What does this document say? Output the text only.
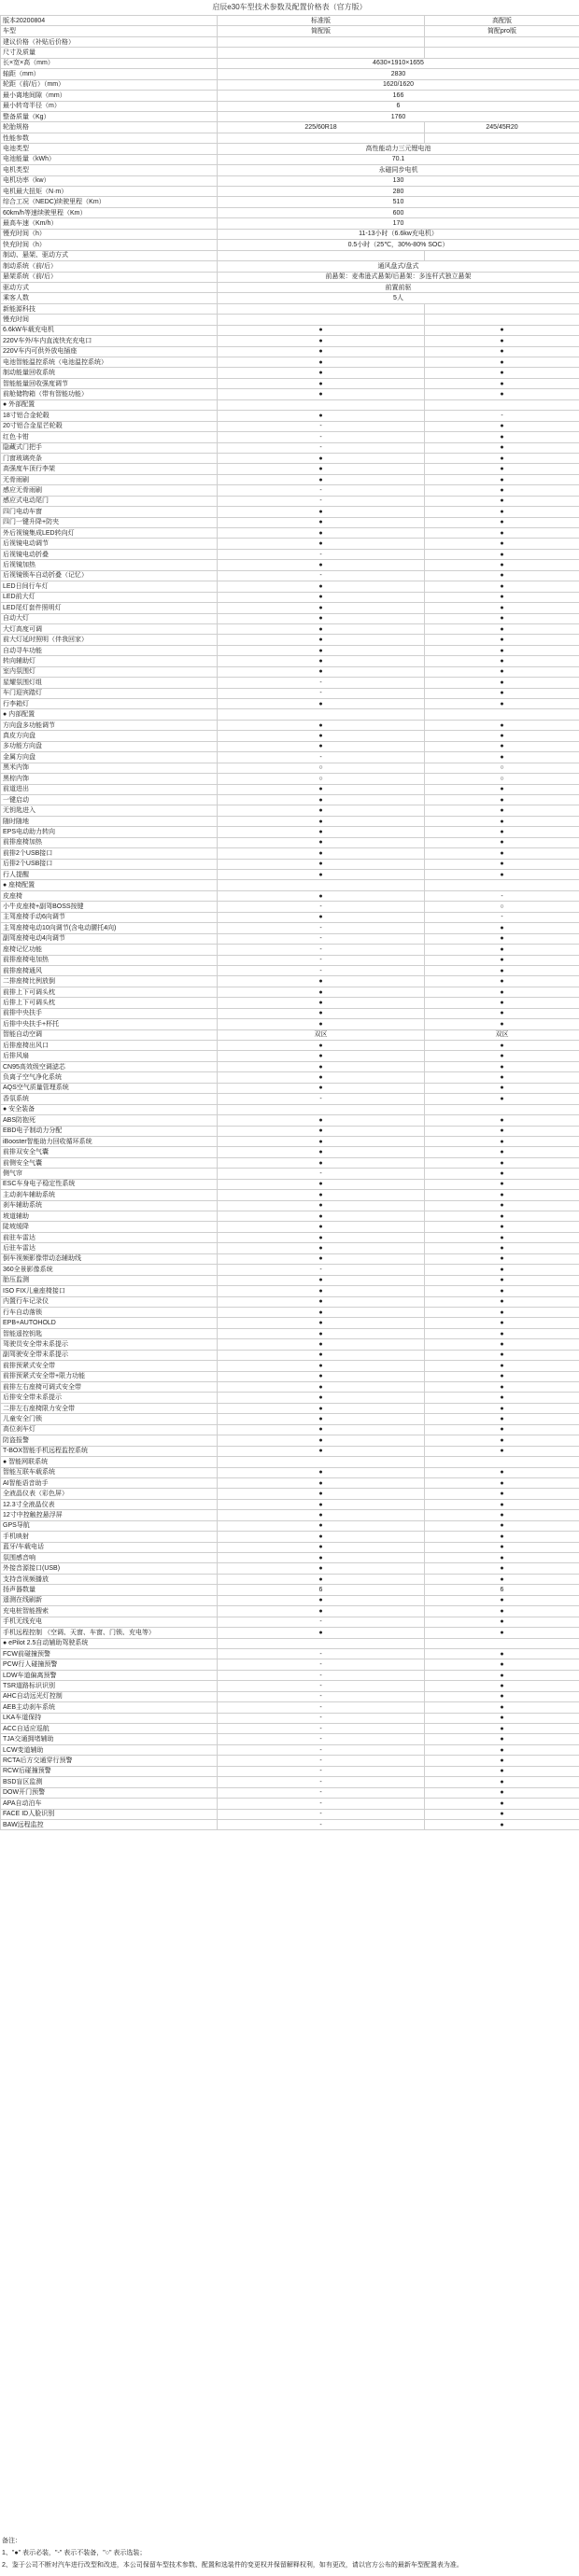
启辰e30车型技术参数及配置价格表（官方版）
版本20200804	标准版	高配版
车型	简配版	简配pro版
建议价格（补贴后价格）		
尺寸及质量		
长×宽×高（mm）	4630×1910×1655	
轴距（mm）	2830	
轮距（前/后）（mm）	1620/1620	
最小离地间隙（mm）	166	
最小转弯半径（m）	6	
整备质量（Kg）	1760	
轮胎规格	225/60R18	245/45R20
性能参数		
电池类型	高性能动力三元锂电池	
电池能量（kWh）	70.1	
电机类型	永磁同步电机	
电机功率（kw）	130	
电机最大扭矩（N·m）	280	
综合工况（NEDC)续驶里程（Km）	510	
60km/h等速续驶里程（Km）	600	
最高车速（Km/h）	170	
慢充时间（h）	11-13小时（6.6kw充电机）	
快充时间（h）	0.5小时（25℃，30%-80% SOC）	
制动、悬架、驱动方式		
制动系统（前/后）	通风盘式/盘式	
悬架系统（前/后）	前悬架：麦弗逊式悬架/后悬架：多连杆式独立悬架	
驱动方式	前置前驱	
乘客人数	5人	
新能源科技		
慢充时间		
6.6kW车载充电机	●	●
220V车外/车内直流快充充电口	●	●
220V车内可供外放电插座	●	●
电池智能温控系统（电池温控系统）	●	●
制动能量回收系统	●	●
智能能量回收强度调节	●	●
前舱储物箱（带有智能功能）	●	●
● 外部配置		
18寸铝合金轮毂	●	-
20寸铝合金星芒轮毂	-	●
红色卡钳	-	●
隐藏式门把手	-	●
门窗玻璃亮条	●	●
高强度车顶行李架	●	●
无骨雨刷	●	●
感应无骨雨刷	-	●
感应式电动尾门	-	●
四门电动车窗	●	●
四门一键升降+防夹	●	●
外后视镜集成LED转向灯	●	●
后视镜电动调节	●	●
后视镜电动折叠	-	●
后视镜加热	●	●
后视镜锁车自动折叠（记忆）	-	●
LED日间行车灯	●	●
LED前大灯	●	●
LED尾灯套件照明灯	●	●
自动大灯	●	●
大灯高度可调	●	●
前大灯延时照明（伴我回家）	●	●
自动寻车功能	●	●
转向辅助灯	●	●
室内氛围灯	●	●
星耀氛围灯组	-	●
车门迎宾踏灯	-	●
行李箱灯	●	●
● 内部配置		
方向盘多功能调节	●	●
真皮方向盘	●	●
多功能方向盘	●	●
金属方向盘	-	●
黑米内饰	○	○
黑棕内饰	○	○
前道进出	●	●
一键启动	●	●
无钥匙进入	●	●
随时随地	●	●
EPS电动助力转向	●	●
前排座椅加热	●	●
前排2个USB接口	●	●
后排2个USB接口	●	●
行人提醒	●	●
● 座椅配置		
皮座椅	●	-
小牛皮座椅+副驾BOSS按键	-	○
主驾座椅手动6向调节	●	-
主驾座椅电动10向调节(含电动腰托4向)	-	●
副驾座椅电动4向调节	-	●
座椅记忆功能	-	●
前排座椅电加热	-	●
前排座椅通风	-	●
二排座椅比例放倒	●	●
前排上下可调头枕	●	●
后排上下可调头枕	●	●
前排中央扶手	●	●
后排中央扶手+杯托	●	●
智能自动空调	双区	双区
后排座椅出风口	●	●
后排风扇	●	●
CN95高效级空调滤芯	●	●
负离子空气净化系统	●	●
AQS空气质量管理系统	●	●
香氛系统	-	●
● 安全装备		
ABS防抱死	●	●
EBD电子制动力分配	●	●
iBooster智能助力回收循环系统	●	●
前排双安全气囊	●	●
前侧安全气囊	●	●
侧气帘	-	●
ESC车身电子稳定性系统	●	●
主动刹车辅助系统	●	●
刹车辅助系统	●	●
坡道辅助	●	●
陡坡缓降	●	●
前驻车雷达	●	●
后驻车雷达	●	●
倒车视频影像带动态辅助线	●	●
360全景影像系统	-	●
胎压监测	●	●
ISO FIX儿童座椅接口	●	●
内置行车记录仪	●	●
行车自动落锁	●	●
EPB+AUTOHOLD	●	●
智能遥控钥匙	●	●
驾驶员安全带未系提示	●	●
副驾驶安全带未系提示	●	●
前排预紧式安全带	●	●
前排预紧式安全带+限力功能	●	●
前排左右座椅可调式安全带	●	●
后排安全带未系提示	●	●
二排左右座椅限力安全带	●	●
儿童安全门锁	●	●
高位刹车灯	●	●
防盗报警	●	●
T-BOX智能手机远程监控系统	●	●
● 智能网联系统		
智能互联车载系统	●	●
AI智能语音助手	●	●
全液晶仪表（彩色屏）	●	●
12.3寸全液晶仪表	●	●
12寸中控触控悬浮屏	●	●
GPS导航	●	●
手机映射	●	●
蓝牙/车载电话	●	●
氛围感音响	●	●
外接音源接口(USB)	●	●
支持音视频播放	●	●
扬声器数量	6	6
遥测在线刷新	●	●
充电桩智能搜索	●	●
手机无线充电	-	●
手机远程控制 （空调、天窗、车窗、门锁、充电等）	●	●
● ePilot 2.5自动辅助驾驶系统		
FCW前碰撞预警	-	●
PCW行人碰撞预警	-	●
LDW车道偏离预警	-	●
TSR道路标识识别	-	●
AHC自动远光灯控制	-	●
AEB主动刹车系统	-	●
LKA车道保持	-	●
ACC自适应巡航	-	●
TJA交通拥堵辅助	-	●
LCW变道辅助	-	●
RCTA后方交通穿行预警	-	●
RCW后碰撞预警	-	●
BSD盲区监测	-	●
DOW开门预警	-	●
APA自动泊车	-	●
FACE ID人脸识别	-	●
BAW远程监控	-	●
备注：
1、"●" 表示必装，"-" 表示不装备，"○" 表示选装；
2、鉴于公司不断对汽车进行改型和改进，本公司保留车型技术参数、配置和选装件的变更权并保留解释权利，如有更改，请以官方公布的最新车型配置表为准。
